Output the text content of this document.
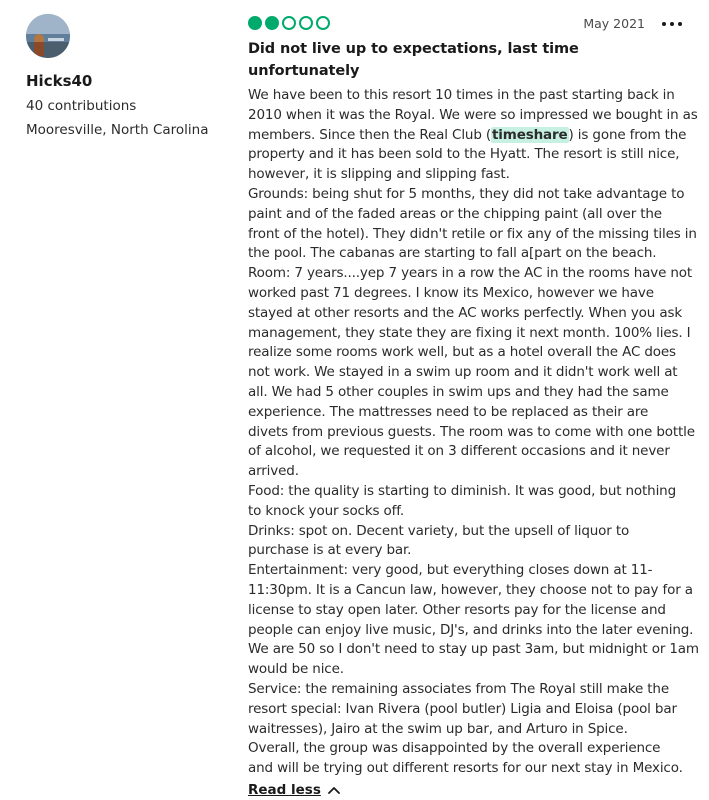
Hicks40
40 contributions
Mooresville, North Carolina
May 2021
Did not live up to expectations, last time unfortunately
We have been to this resort 10 times in the past starting back in
2010 when it was the Royal. We were so impressed we bought in as
members. Since then the Real Club (timeshare) is gone from the
property and it has been sold to the Hyatt. The resort is still nice,
however, it is slipping and slipping fast.
Grounds: being shut for 5 months, they did not take advantage to
paint and of the faded areas or the chipping paint (all over the
front of the hotel). They didn't retile or fix any of the missing tiles in
the pool. The cabanas are starting to fall a[part on the beach.
Room: 7 years....yep 7 years in a row the AC in the rooms have not
worked past 71 degrees. I know its Mexico, however we have
stayed at other resorts and the AC works perfectly. When you ask
management, they state they are fixing it next month. 100% lies. I
realize some rooms work well, but as a hotel overall the AC does
not work. We stayed in a swim up room and it didn't work well at
all. We had 5 other couples in swim ups and they had the same
experience. The mattresses need to be replaced as their are
divets from previous guests. The room was to come with one bottle
of alcohol, we requested it on 3 different occasions and it never
arrived.
Food: the quality is starting to diminish. It was good, but nothing
to knock your socks off.
Drinks: spot on. Decent variety, but the upsell of liquor to
purchase is at every bar.
Entertainment: very good, but everything closes down at 11-
11:30pm. It is a Cancun law, however, they choose not to pay for a
license to stay open later. Other resorts pay for the license and
people can enjoy live music, DJ's, and drinks into the later evening.
We are 50 so I don't need to stay up past 3am, but midnight or 1am
would be nice.
Service: the remaining associates from The Royal still make the
resort special: Ivan Rivera (pool butler) Ligia and Eloisa (pool bar
waitresses), Jairo at the swim up bar, and Arturo in Spice.
Overall, the group was disappointed by the overall experience
and will be trying out different resorts for our next stay in Mexico.
Read less
